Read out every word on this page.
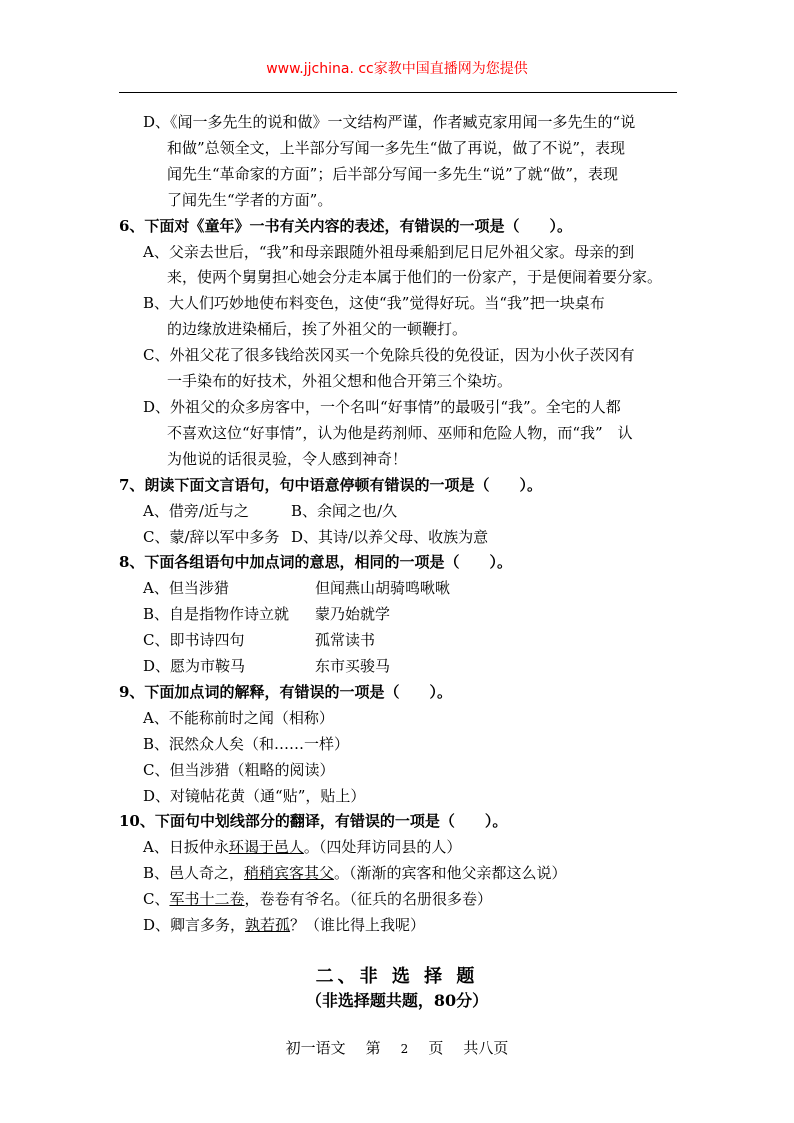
www.jjchina. cc家教中国直播网为您提供

D、《闻一多先生的说和做》一文结构严谨，作者臧克家用闻一多先生的“说
和做”总领全文，上半部分写闻一多先生“做了再说，做了不说”，表现
闻先生“革命家的方面”；后半部分写闻一多先生“说”了就“做”，表现
了闻先生“学者的方面”。

6、下面对《童年》一书有关内容的表述，有错误的一项是（　　）。

A、父亲去世后，“我”和母亲跟随外祖母乘船到尼日尼外祖父家。母亲的到
来，使两个舅舅担心她会分走本属于他们的一份家产，于是便闹着要分家。

B、大人们巧妙地使布料变色，这使“我”觉得好玩。当“我”把一块桌布
的边缘放进染桶后，挨了外祖父的一顿鞭打。

C、外祖父花了很多钱给茨冈买一个免除兵役的免役证，因为小伙子茨冈有
一手染布的好技术，外祖父想和他合开第三个染坊。

D、外祖父的众多房客中，一个名叫“好事情”的最吸引“我”。全宅的人都
不喜欢这位“好事情”，认为他是药剂师、巫师和危险人物，而“我”　认
为他说的话很灵验，令人感到神奇！

7、朗读下面文言语句，句中语意停顿有错误的一项是（　　）。

A、借旁/近与之	B、余闻之也/久
C、蒙/辞以军中多务 D、其诗/以养父母、收族为意

8、下面各组语句中加点词的意思，相同的一项是（　　）。

A、但当涉猎	但闻燕山胡骑鸣啾啾
B、自是指物作诗立就	蒙乃始就学
C、即书诗四句	孤常读书
D、愿为市鞍马	东市买骏马

9、下面加点词的解释，有错误的一项是（　　）。

A、不能称前时之闻（相称）

B、泯然众人矣（和……一样）

C、但当涉猎（粗略的阅读）

D、对镜帖花黄（通“贴”，贴上）

10、下面句中划线部分的翻译，有错误的一项是（　　）。

A、日扳仲永环谒于邑人。（四处拜访同县的人）

B、邑人奇之，稍稍宾客其父。（渐渐的宾客和他父亲都这么说）

C、军书十二卷，卷卷有爷名。（征兵的名册很多卷）

D、卿言多务，孰若孤？（谁比得上我呢）

二、非 选 择 题
（非选择题共题，80分）
初一语文 第 2 页 共八页
